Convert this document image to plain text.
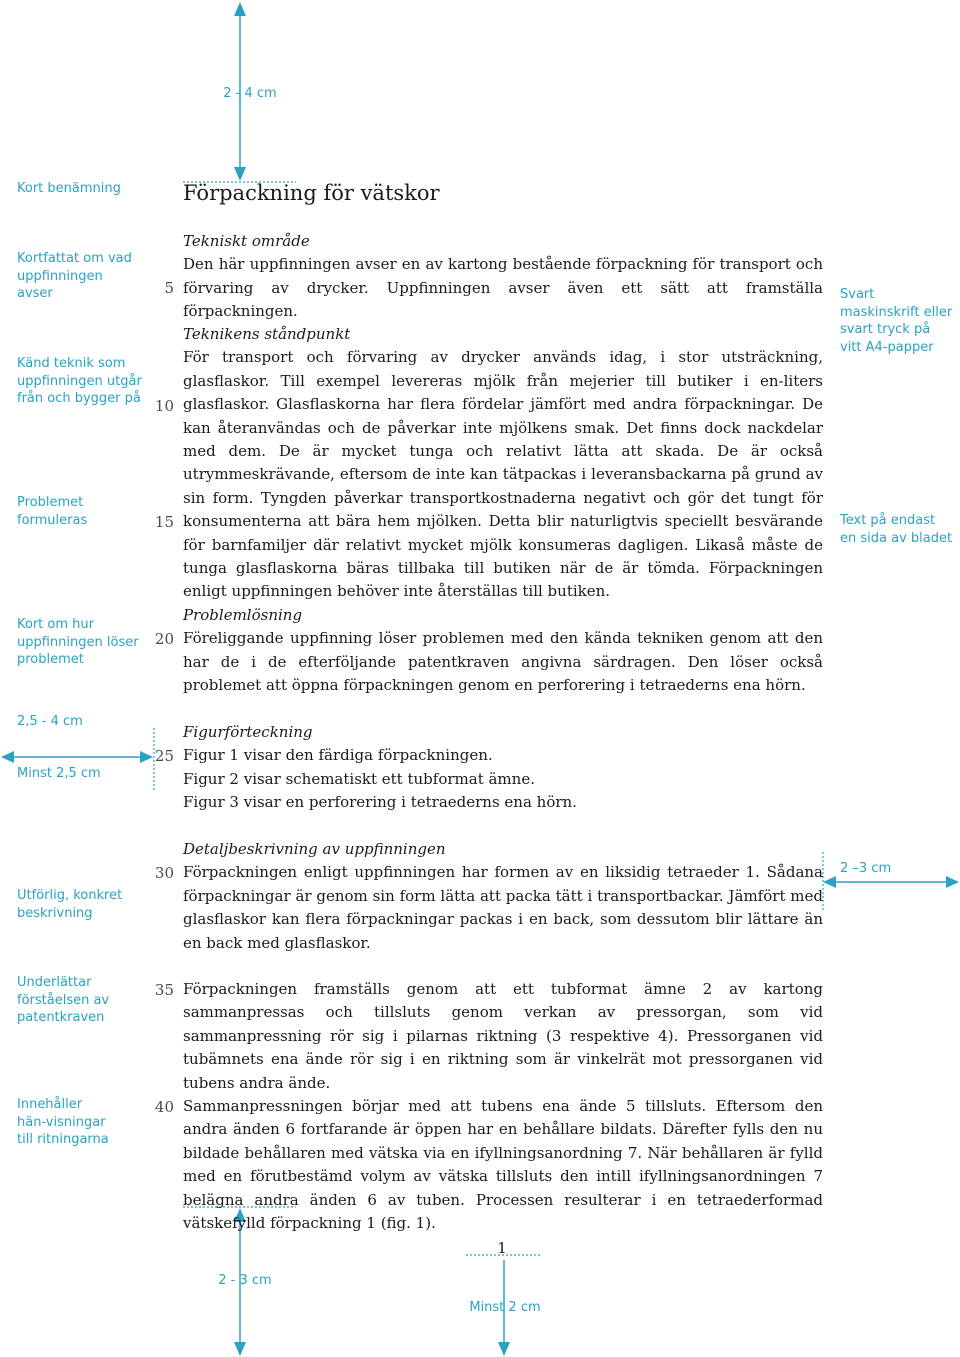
2 - 4 cm
Kort benämning
Kortfattat om vad uppfinningen avser
Känd teknik som uppfinningen utgår från och bygger på
Problemet formuleras
Kort om hur uppfinningen löser problemet
2,5 - 4 cm
Minst 2,5 cm
Utförlig, konkret beskrivning
Underlättar förståelsen av patentkraven
Innehåller hän-visningar till ritningarna
Svart maskinskrift eller svart tryck på vitt A4-papper
Text på endast en sida av bladet
2 –3 cm
2 - 3 cm
Minst 2 cm
Förpackning för vätskor
5
10
15
20
25
30
35
40
Tekniskt område

Den här uppfinningen avser en av kartong bestående förpackning för transport och förvaring av drycker. Uppfinningen avser även ett sätt att framställa förpackningen.

Teknikens ståndpunkt

För transport och förvaring av drycker används idag, i stor utsträckning, glasflaskor. Till exempel levereras mjölk från mejerier till butiker i en-liters glasflaskor. Glasflaskorna har flera fördelar jämfört med andra förpackningar. De kan återanvändas och de påverkar inte mjölkens smak. Det finns dock nackdelar med dem. De är mycket tunga och relativt lätta att skada. De är också utrymmeskrävande, eftersom de inte kan tätpackas i leveransbackarna på grund av sin form. Tyngden påverkar transportkostnaderna negativt och gör det tungt för konsumenterna att bära hem mjölken. Detta blir naturligtvis speciellt besvärande för barnfamiljer där relativt mycket mjölk konsumeras dagligen. Likaså måste de tunga glasflaskorna bäras tillbaka till butiken när de är tömda. Förpackningen enligt uppfinningen behöver inte återställas till butiken.

Problemlösning

Föreliggande uppfinning löser problemen med den kända tekniken genom att den har de i de efterföljande patentkraven angivna särdragen. Den löser också problemet att öppna förpackningen genom en perforering i tetraederns ena hörn.

Figurförteckning
Figur 1 visar den färdiga förpackningen.
Figur 2 visar schematiskt ett tubformat ämne.
Figur 3 visar en perforering i tetraederns ena hörn.
Detaljbeskrivning av uppfinningen

Förpackningen enligt uppfinningen har formen av en liksidig tetraeder 1. Sådana förpackningar är genom sin form lätta att packa tätt i transportbackar. Jämfört med glasflaskor kan flera förpackningar packas i en back, som dessutom blir lättare än en back med glasflaskor.

Förpackningen framställs genom att ett tubformat ämne 2 av kartong sammanpressas och tillsluts genom verkan av pressorgan, som vid sammanpressning rör sig i pilarnas riktning (3 respektive 4). Pressorganen vid tubämnets ena ände rör sig i en riktning som är vinkelrät mot pressorganen vid tubens andra ände.

Sammanpressningen börjar med att tubens ena ände 5 tillsluts. Eftersom den andra änden 6 fortfarande är öppen har en behållare bildats. Därefter fylls den nu bildade behållaren med vätska via en ifyllningsanordning 7. När behållaren är fylld med en förutbestämd volym av vätska tillsluts den intill ifyllningsanordningen 7 belägna andra änden 6 av tuben. Processen resulterar i en tetraederformad vätskefylld förpackning 1 (fig. 1).

1
